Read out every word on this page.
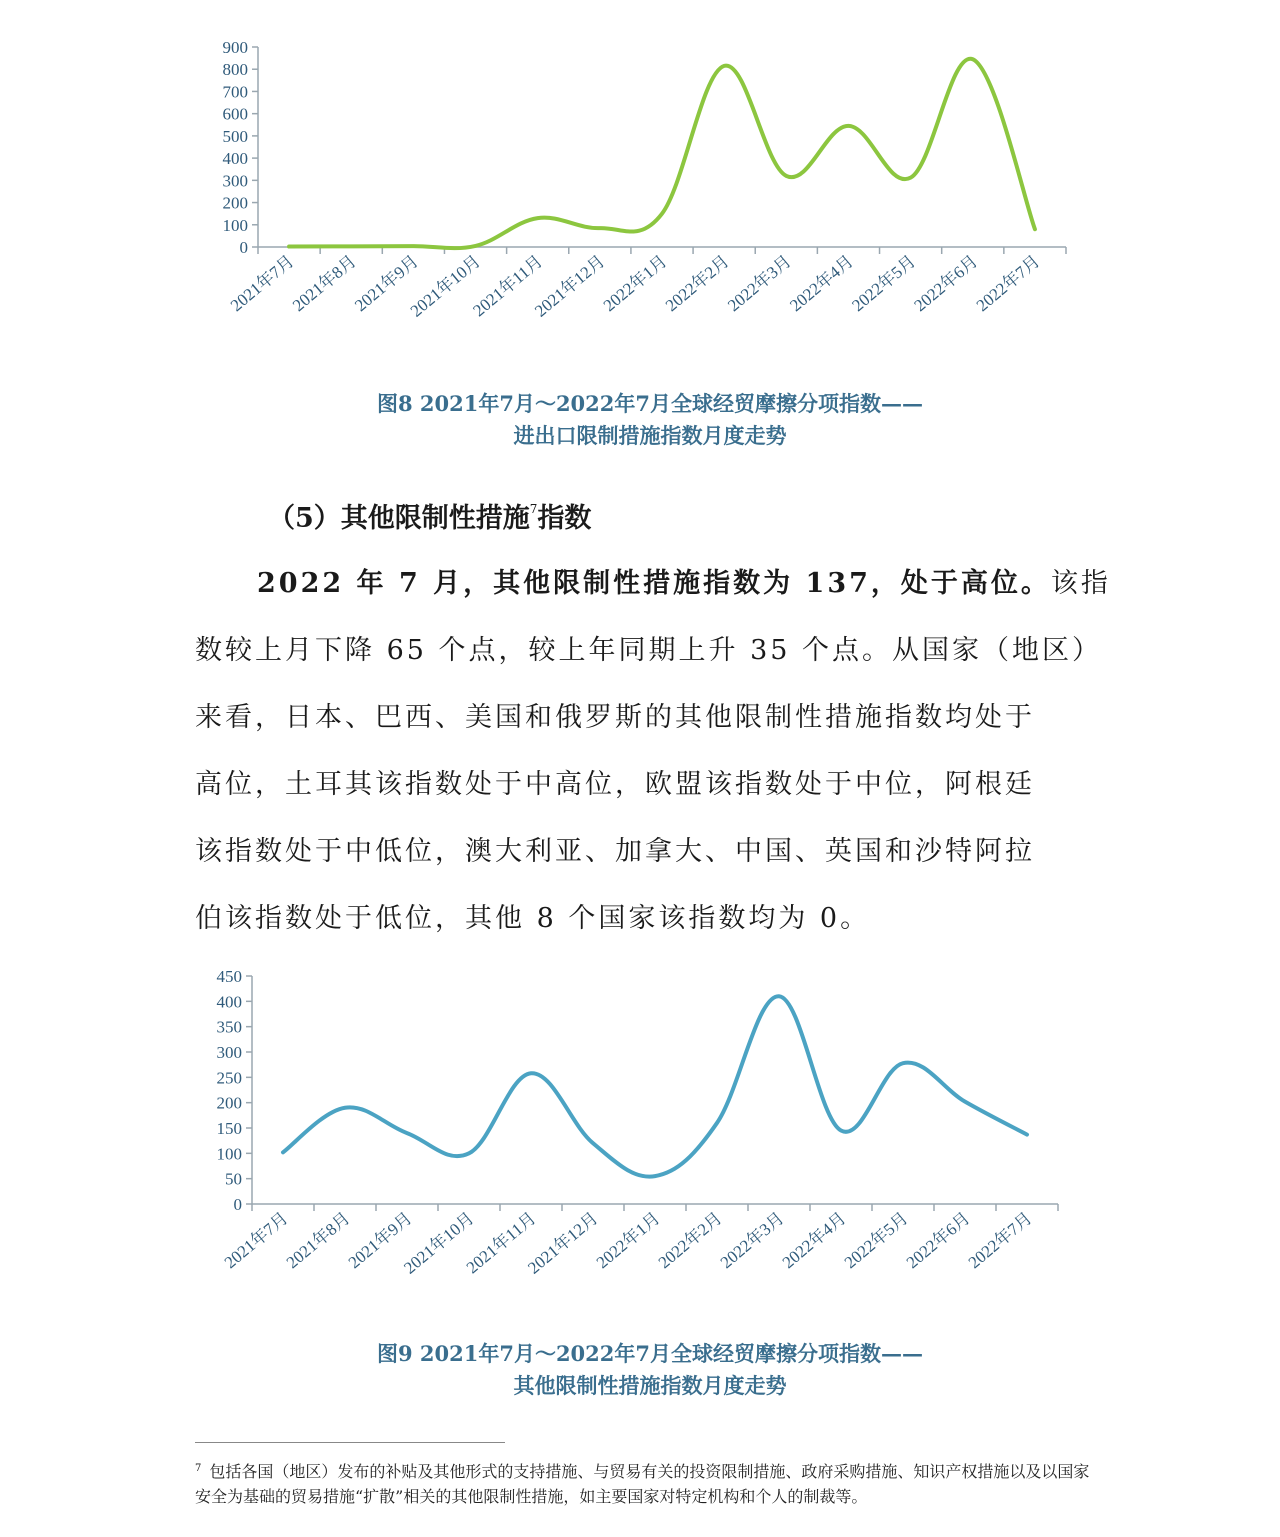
0
100
200
300
400
500
600
700
800
900
2021年7月
2021年8月
2021年9月
2021年10月
2021年11月
2021年12月
2022年1月
2022年2月
2022年3月
2022年4月
2022年5月
2022年6月
2022年7月
图8 2021年7月～2022年7月全球经贸摩擦分项指数——
进出口限制措施指数月度走势
（5）其他限制性措施$^7$指数
2022 年 7 月，其他限制性措施指数为 137，处于高位。该指
数较上月下降 65 个点，较上年同期上升 35 个点。从国家（地区）
来看，日本、巴西、美国和俄罗斯的其他限制性措施指数均处于
高位，土耳其该指数处于中高位，欧盟该指数处于中位，阿根廷
该指数处于中低位，澳大利亚、加拿大、中国、英国和沙特阿拉
伯该指数处于低位，其他 8 个国家该指数均为 0。
0
50
100
150
200
250
300
350
400
450
2021年7月
2021年8月
2021年9月
2021年10月
2021年11月
2021年12月
2022年1月
2022年2月
2022年3月
2022年4月
2022年5月
2022年6月
2022年7月
图9 2021年7月～2022年7月全球经贸摩擦分项指数——
其他限制性措施指数月度走势
$^7$ 包括各国（地区）发布的补贴及其他形式的支持措施、与贸易有关的投资限制措施、政府采购措施、知识产权措施以及以国家安全为基础的贸易措施“扩散”相关的其他限制性措施，如主要国家对特定机构和个人的制裁等。
